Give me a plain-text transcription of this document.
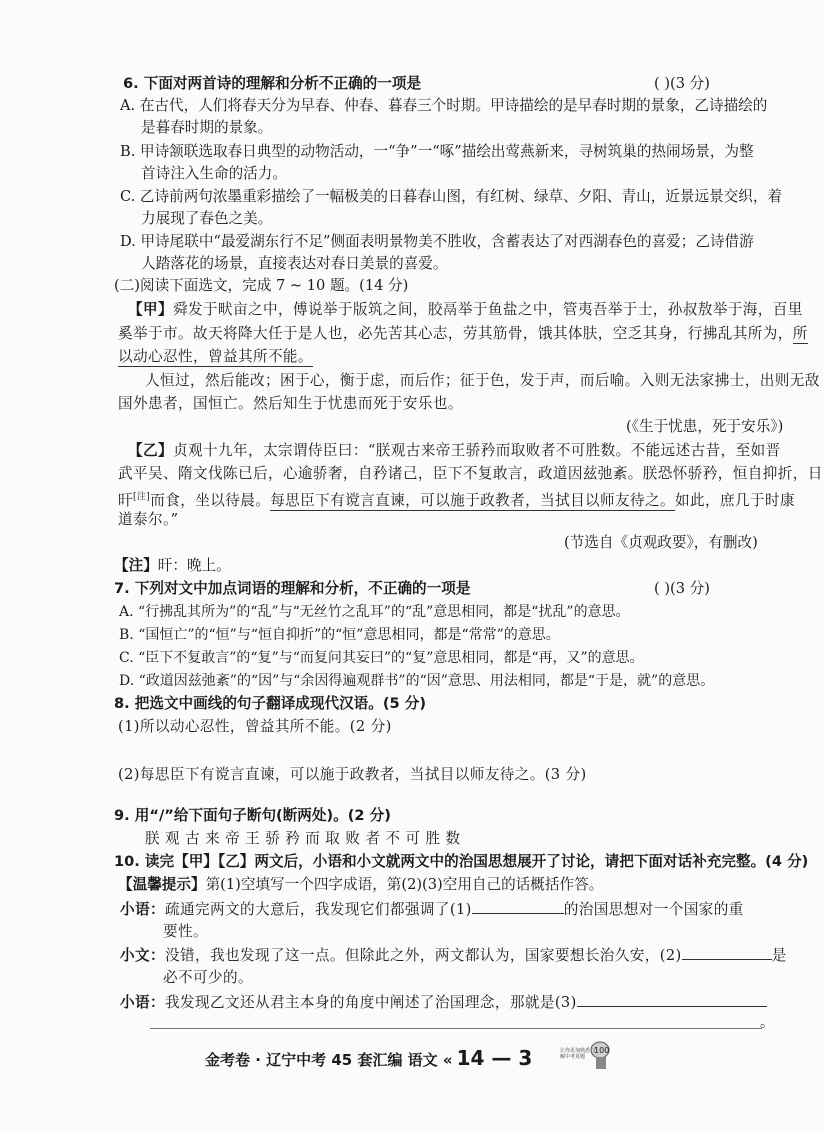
6. 下面对两首诗的理解和分析不正确的一项是	( )(3 分)
A. 在古代，人们将春天分为早春、仲春、暮春三个时期。甲诗描绘的是早春时期的景象，乙诗描绘的
是暮春时期的景象。
B. 甲诗颔联选取春日典型的动物活动，一“争”一“啄”描绘出莺燕新来，寻树筑巢的热闹场景，为整
首诗注入生命的活力。
C. 乙诗前两句浓墨重彩描绘了一幅极美的日暮春山图，有红树、绿草、夕阳、青山，近景远景交织，着
力展现了春色之美。
D. 甲诗尾联中“最爱湖东行不足”侧面表明景物美不胜收，含蓄表达了对西湖春色的喜爱；乙诗借游
人踏落花的场景，直接表达对春日美景的喜爱。
(二)阅读下面选文，完成 7 ~ 10 题。(14 分)
【甲】舜发于畎亩之中，傅说举于版筑之间，胶鬲举于鱼盐之中，管夷吾举于士，孙叔敖举于海，百里
奚举于市。故天将降大任于是人也，必先苦其心志，劳其筋骨，饿其体肤，空乏其身，行拂乱其所为，所
以动心忍性，曾益其所不能。
人恒过，然后能改；困于心，衡于虑，而后作；征于色，发于声，而后喻。入则无法家拂士，出则无敌
国外患者，国恒亡。然后知生于忧患而死于安乐也。
(《生于忧患，死于安乐》)
【乙】贞观十九年，太宗谓侍臣曰：“朕观古来帝王骄矜而取败者不可胜数。不能远述古昔，至如晋
武平吴、隋文伐陈已后，心逾骄奢，自矜诸己，臣下不复敢言，政道因兹弛紊。朕恐怀骄矜，恒自抑折，日
旰[注]而食，坐以待晨。每思臣下有谠言直谏，可以施于政教者，当拭目以师友待之。如此，庶几于时康
道泰尔。”
(节选自《贞观政要》，有删改)
【注】旰：晚上。
7. 下列对文中加点词语的理解和分析，不正确的一项是	( )(3 分)
A. “行拂乱其所为”的“乱”与“无丝竹之乱耳”的“乱”意思相同，都是“扰乱”的意思。
B. “国恒亡”的“恒”与“恒自抑折”的“恒”意思相同，都是“常常”的意思。
C. “臣下不复敢言”的“复”与“而复问其妄曰”的“复”意思相同，都是“再，又”的意思。
D. “政道因兹弛紊”的“因”与“余因得遍观群书”的“因”意思、用法相同，都是“于是，就”的意思。
8. 把选文中画线的句子翻译成现代汉语。(5 分)
(1)所以动心忍性，曾益其所不能。(2 分)
(2)每思臣下有谠言直谏，可以施于政教者，当拭目以师友待之。(3 分)
9. 用“/”给下面句子断句(断两处)。(2 分)
朕 观 古 来 帝 王 骄 矜 而 取 败 者 不 可 胜 数
10. 读完【甲】【乙】两文后，小语和小文就两文中的治国思想展开了讨论，请把下面对话补充完整。(4 分)
【温馨提示】第(1)空填写一个四字成语，第(2)(3)空用自己的话概括作答。
小语：疏通完两文的大意后，我发现它们都强调了(1)	的治国思想对一个国家的重
要性。
小文：没错，我也发现了这一点。但除此之外，两文都认为，国家要想长治久安，(2)	是
必不可少的。
小语：我发现乙文还从君主本身的角度中阐述了治国理念，那就是(3)
。
金考卷 · 辽宁中考 45 套汇编 语文 « 14 — 3	100
让你更加熟悉 了解中考真题
